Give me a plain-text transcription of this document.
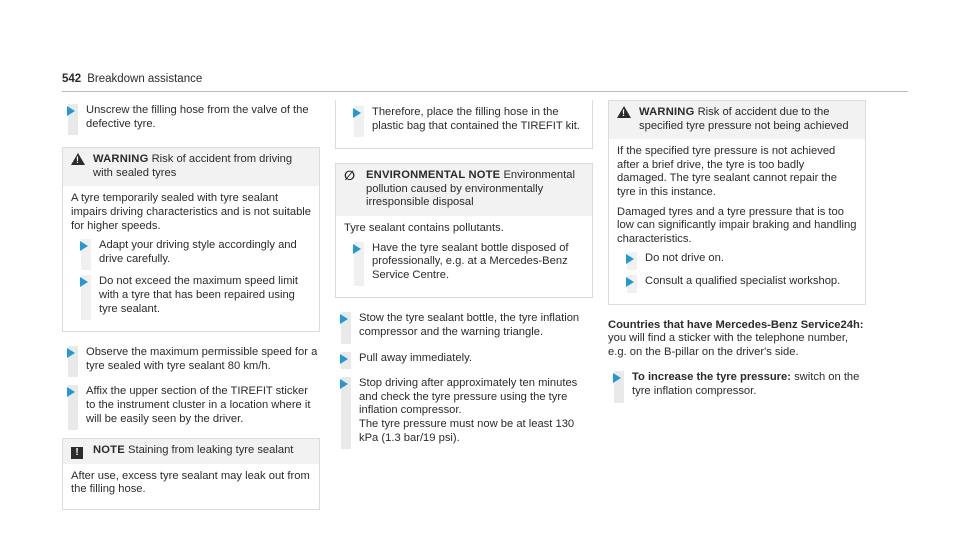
542 Breakdown assistance
Unscrew the filling hose from the valve of the defective tyre.
!
WARNING Risk of accident from driving with sealed tyres

A tyre temporarily sealed with tyre sealant impairs driving characteristics and is not suitable for higher speeds.

Adapt your driving style accordingly and drive carefully.
Do not exceed the maximum speed limit with a tyre that has been repaired using tyre sealant.
Observe the maximum permissible speed for a tyre sealed with tyre sealant 80 km/h.
Affix the upper section of the TIREFIT sticker to the instrument cluster in a location where it will be easily seen by the driver.
!	NOTE Staining from leaking tyre sealant

After use, excess tyre sealant may leak out from the filling hose.

Therefore, place the filling hose in the plastic bag that contained the TIREFIT kit.
∅ ENVIRONMENTAL NOTE Environmental pollution caused by environmentally irresponsible disposal

Tyre sealant contains pollutants.

Have the tyre sealant bottle disposed of professionally, e.g. at a Mercedes-Benz Service Centre.
Stow the tyre sealant bottle, the tyre inflation compressor and the warning triangle.
Pull away immediately.
Stop driving after approximately ten minutes and check the tyre pressure using the tyre inflation compressor.
The tyre pressure must now be at least 130 kPa (1.3 bar/19 psi).
!
WARNING Risk of accident due to the specified tyre pressure not being achieved

If the specified tyre pressure is not achieved after a brief drive, the tyre is too badly damaged. The tyre sealant cannot repair the tyre in this instance.

Damaged tyres and a tyre pressure that is too low can significantly impair braking and handling characteristics.

Do not drive on.
Consult a qualified specialist workshop.

Countries that have Mercedes-Benz Service24h: you will find a sticker with the telephone number, e.g. on the B-pillar on the driver's side.

To increase the tyre pressure: switch on the tyre inflation compressor.
